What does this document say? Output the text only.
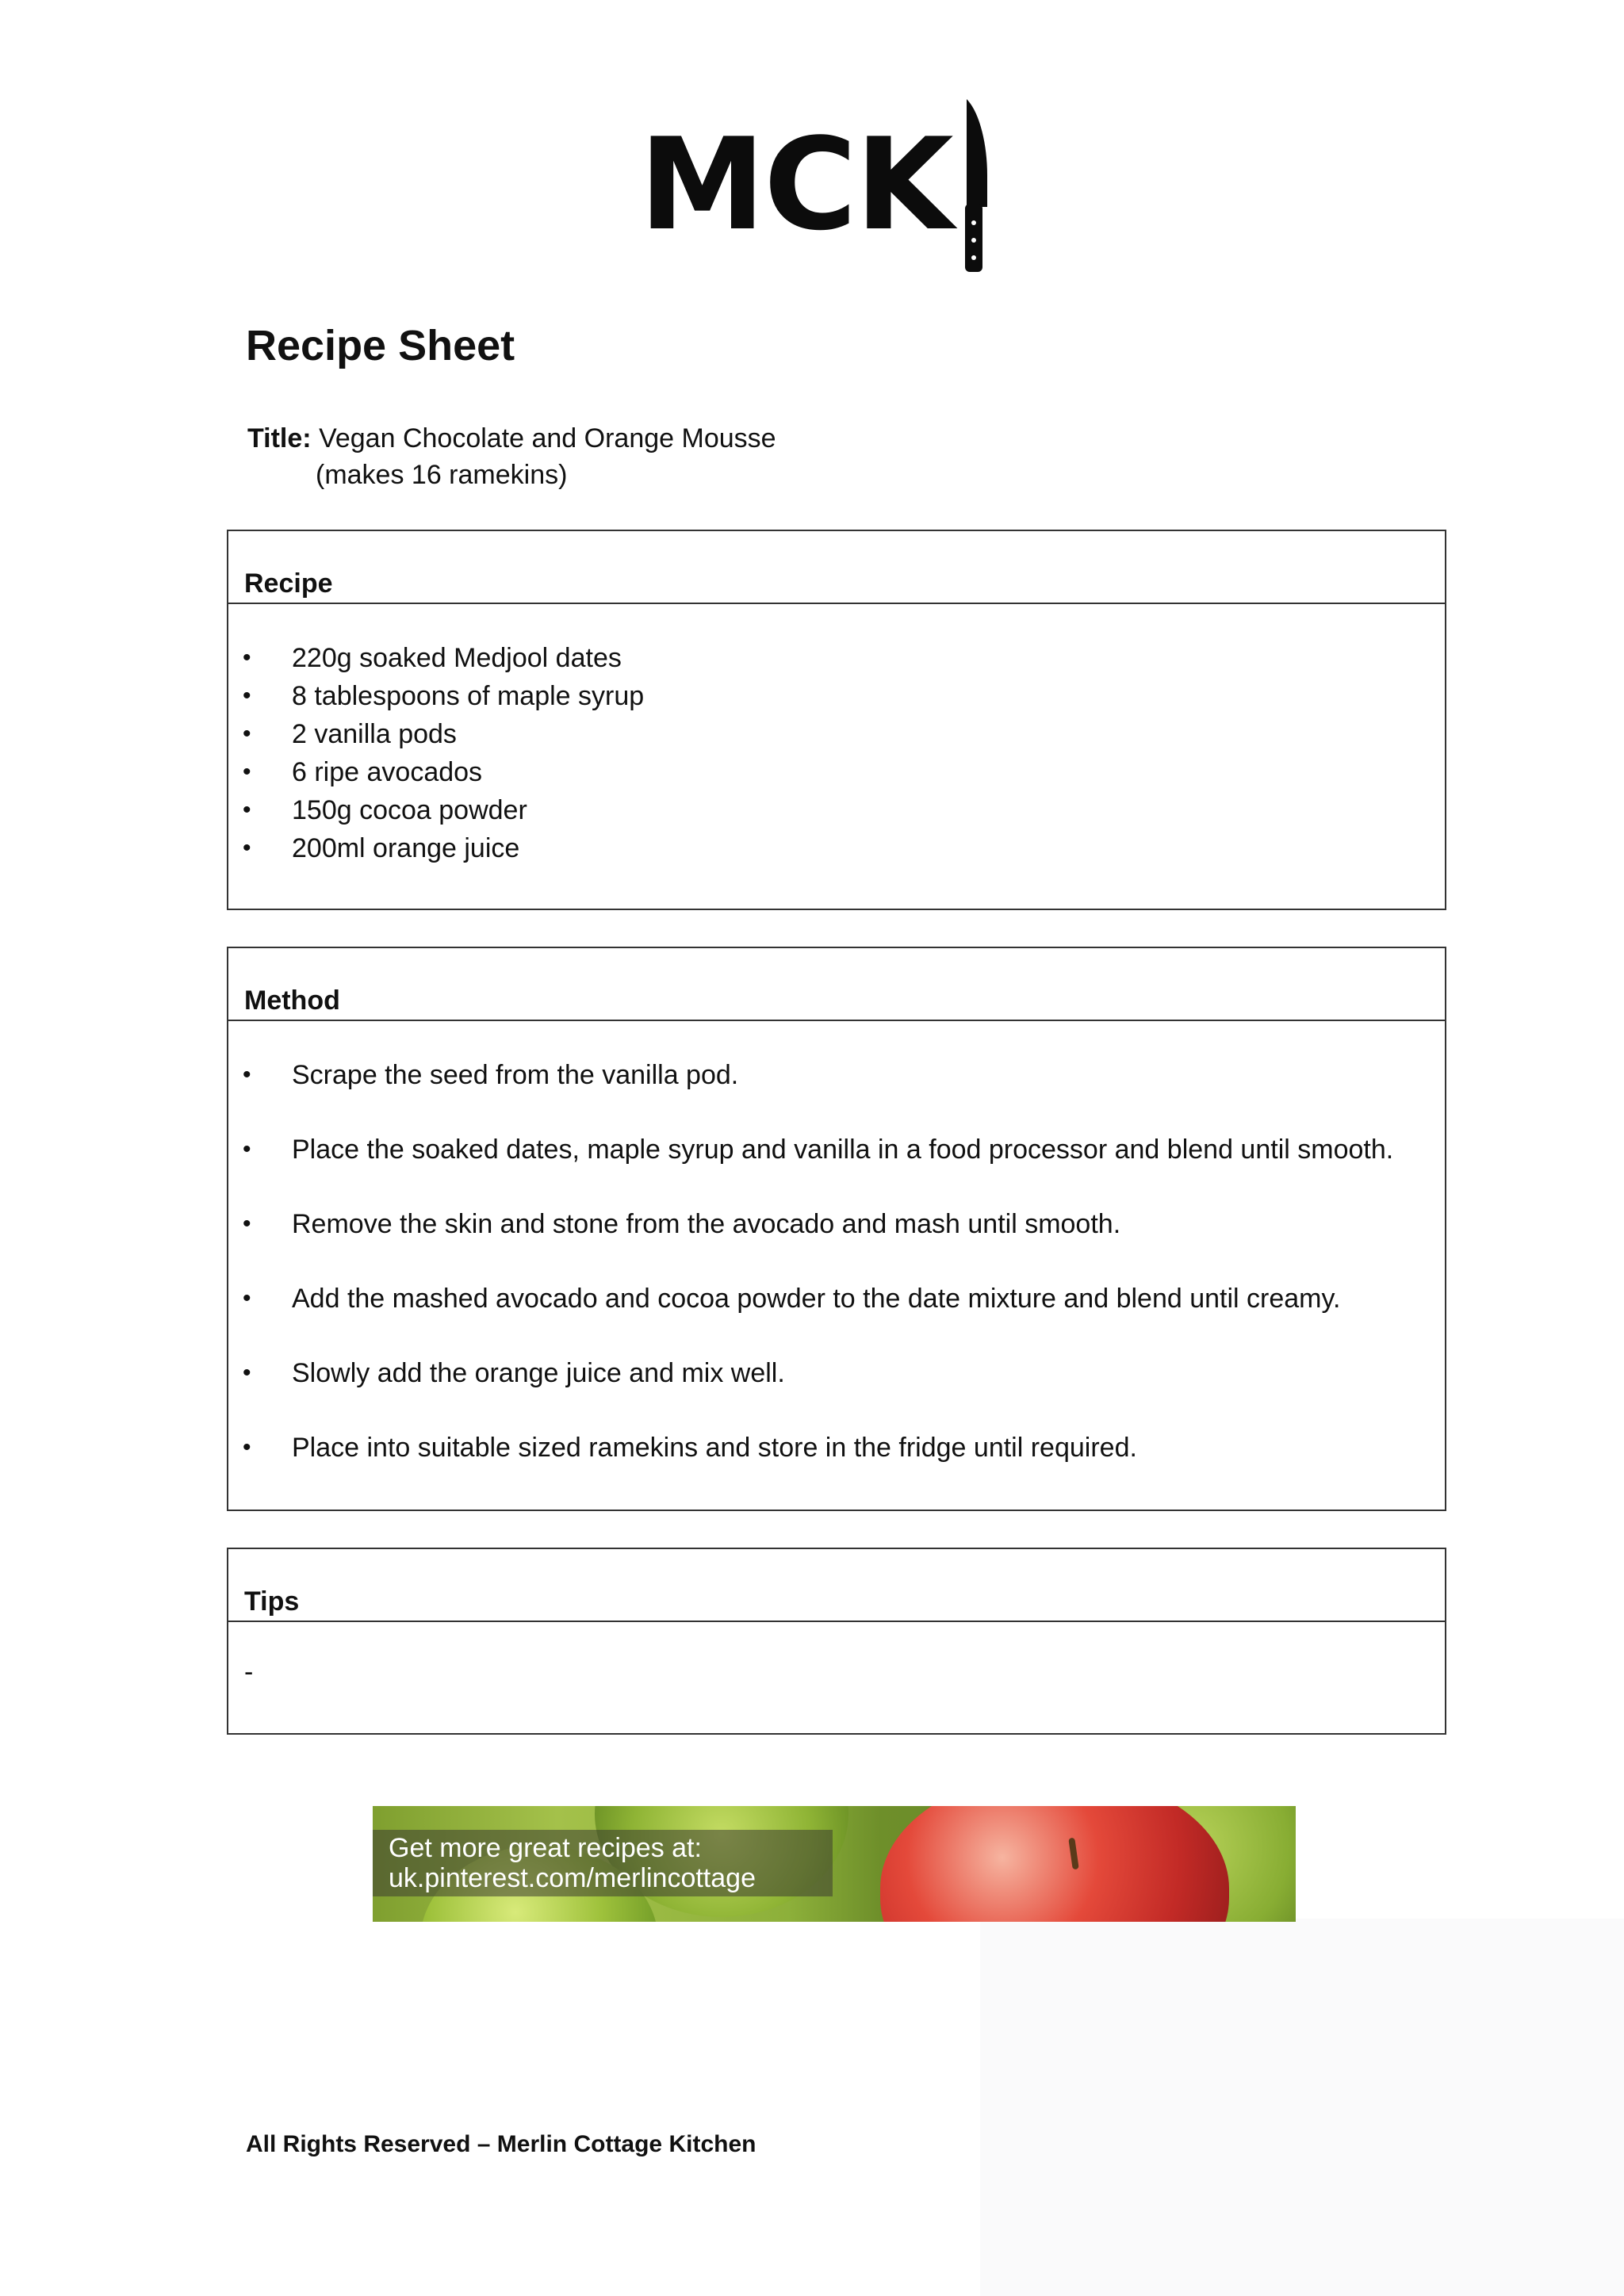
MCK
Recipe Sheet
Title: Vegan Chocolate and Orange Mousse
(makes 16 ramekins)
Recipe
• 220g soaked Medjool dates
• 8 tablespoons of maple syrup
• 2 vanilla pods
• 6 ripe avocados
• 150g cocoa powder
• 200ml orange juice
Method
• Scrape the seed from the vanilla pod.
• Place the soaked dates, maple syrup and vanilla in a food processor and blend until smooth.
• Remove the skin and stone from the avocado and mash until smooth.
• Add the mashed avocado and cocoa powder to the date mixture and blend until creamy.
• Slowly add the orange juice and mix well.
• Place into suitable sized ramekins and store in the fridge until required.
Tips
-
Get more great recipes at:
uk.pinterest.com/merlincottage
All Rights Reserved – Merlin Cottage Kitchen
